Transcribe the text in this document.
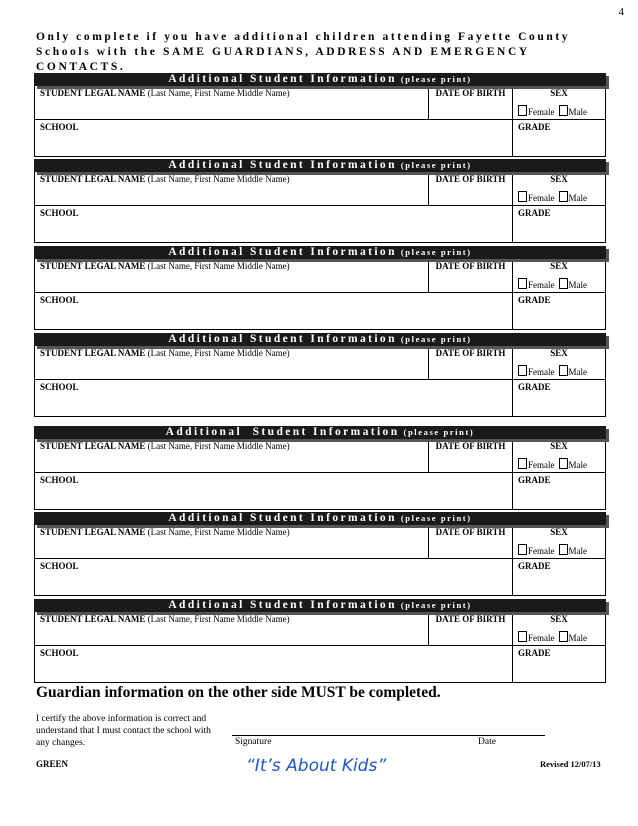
4
Only complete if you have additional children attending Fayette County Schools with the SAME GUARDIANS, ADDRESS AND EMERGENCY CONTACTS.
Additional Student Information (please print)
STUDENT LEGAL NAME (Last Name, First Name Middle Name)	DATE OF BIRTH	SEX
Female Male
SCHOOL	GRADE
Additional Student Information (please print)
STUDENT LEGAL NAME (Last Name, First Name Middle Name)	DATE OF BIRTH	SEX
Female Male
SCHOOL	GRADE
Additional Student Information (please print)
STUDENT LEGAL NAME (Last Name, First Name Middle Name)	DATE OF BIRTH	SEX
Female Male
SCHOOL	GRADE
Additional Student Information (please print)
STUDENT LEGAL NAME (Last Name, First Name Middle Name)	DATE OF BIRTH	SEX
Female Male
SCHOOL	GRADE
Additional  Student Information (please print)
STUDENT LEGAL NAME (Last Name, First Name Middle Name)	DATE OF BIRTH	SEX
Female Male
SCHOOL	GRADE
Additional Student Information (please print)
STUDENT LEGAL NAME (Last Name, First Name Middle Name)	DATE OF BIRTH	SEX
Female Male
SCHOOL	GRADE
Additional Student Information (please print)
STUDENT LEGAL NAME (Last Name, First Name Middle Name)	DATE OF BIRTH	SEX
Female Male
SCHOOL	GRADE
Guardian information on the other side MUST be completed.
I certify the above information is correct and understand that I must contact the school with any changes.	Signature	Date
GREEN	“It’s About Kids”	Revised 12/07/13
